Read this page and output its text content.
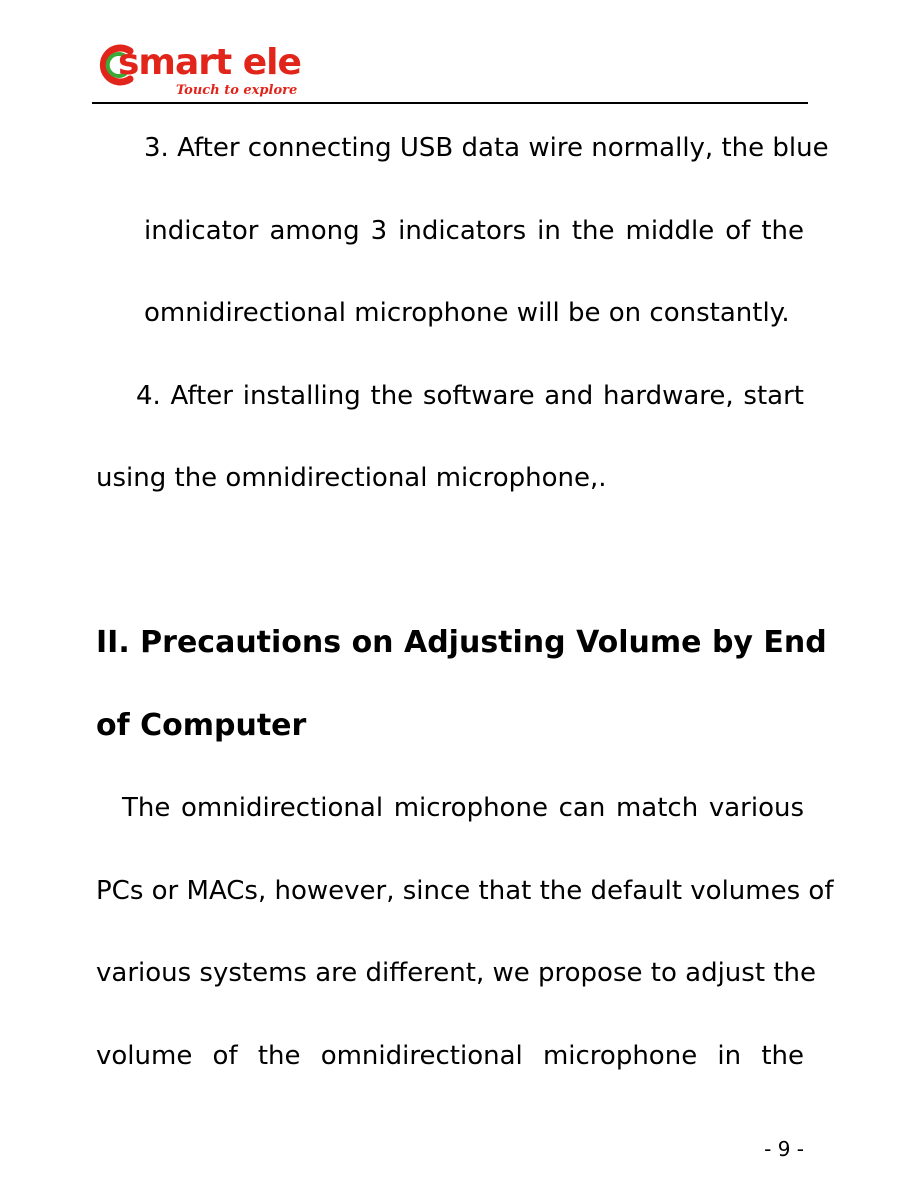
smart ele
Touch to explore
3. After connecting USB data wire normally, the blue
indicator among 3 indicators in the middle of the
omnidirectional microphone will be on constantly.
4. After installing the software and hardware, start
using the omnidirectional microphone,.
II. Precautions on Adjusting Volume by End
of Computer
The omnidirectional microphone can match various
PCs or MACs, however, since that the default volumes of
various systems are different, we propose to adjust the
volume of the omnidirectional microphone in the
- 9 -
